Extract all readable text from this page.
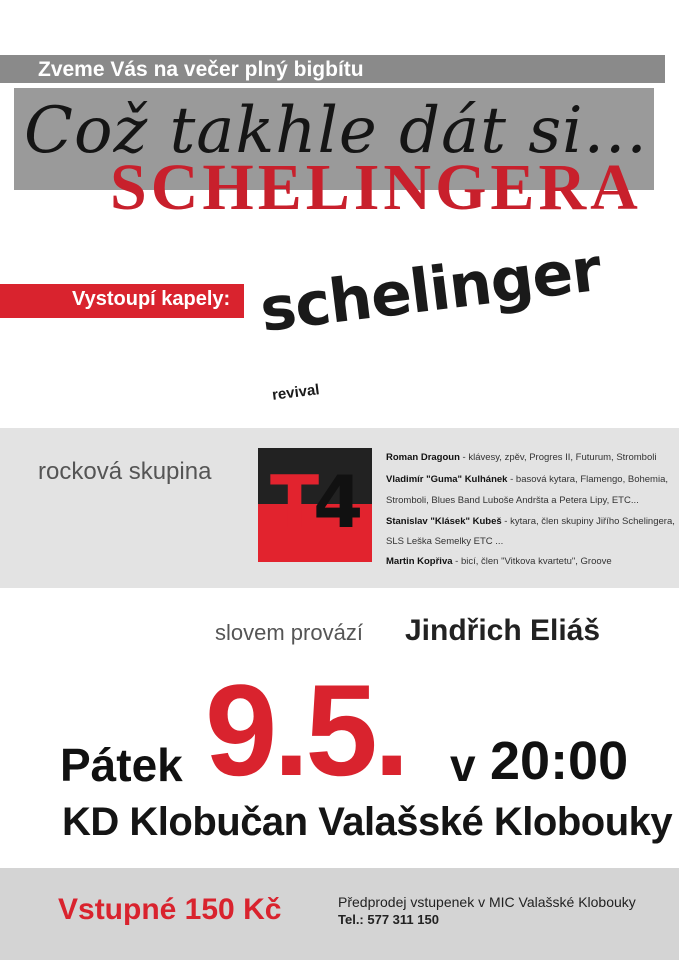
Zveme Vás na večer plný bigbítu
Což takhle dát si...
SCHELINGERA
Vystoupí kapely: schelinger
revival
rocková skupina T4
Roman Dragoun - klávesy, zpěv, Progres II, Futurum, Stromboli
Vladimír "Guma" Kulhánek - basová kytara, Flamengo, Bohemia,
Stromboli, Blues Band Luboše Andršta a Petera Lipy, ETC...
Stanislav "Klásek" Kubeš - kytara, člen skupiny Jiřího Schelingera,
SLS Leška Semelky ETC ...
Martin Kopřiva - bicí, člen "Vitkova kvartetu", Groove
slovem provází Jindřich Eliáš
Pátek 9.5. v 20:00
KD Klobučan Valašské Klobouky
Vstupné 150 Kč	Předprodej vstupenek v MIC Valašské Klobouky
Tel.: 577 311 150
